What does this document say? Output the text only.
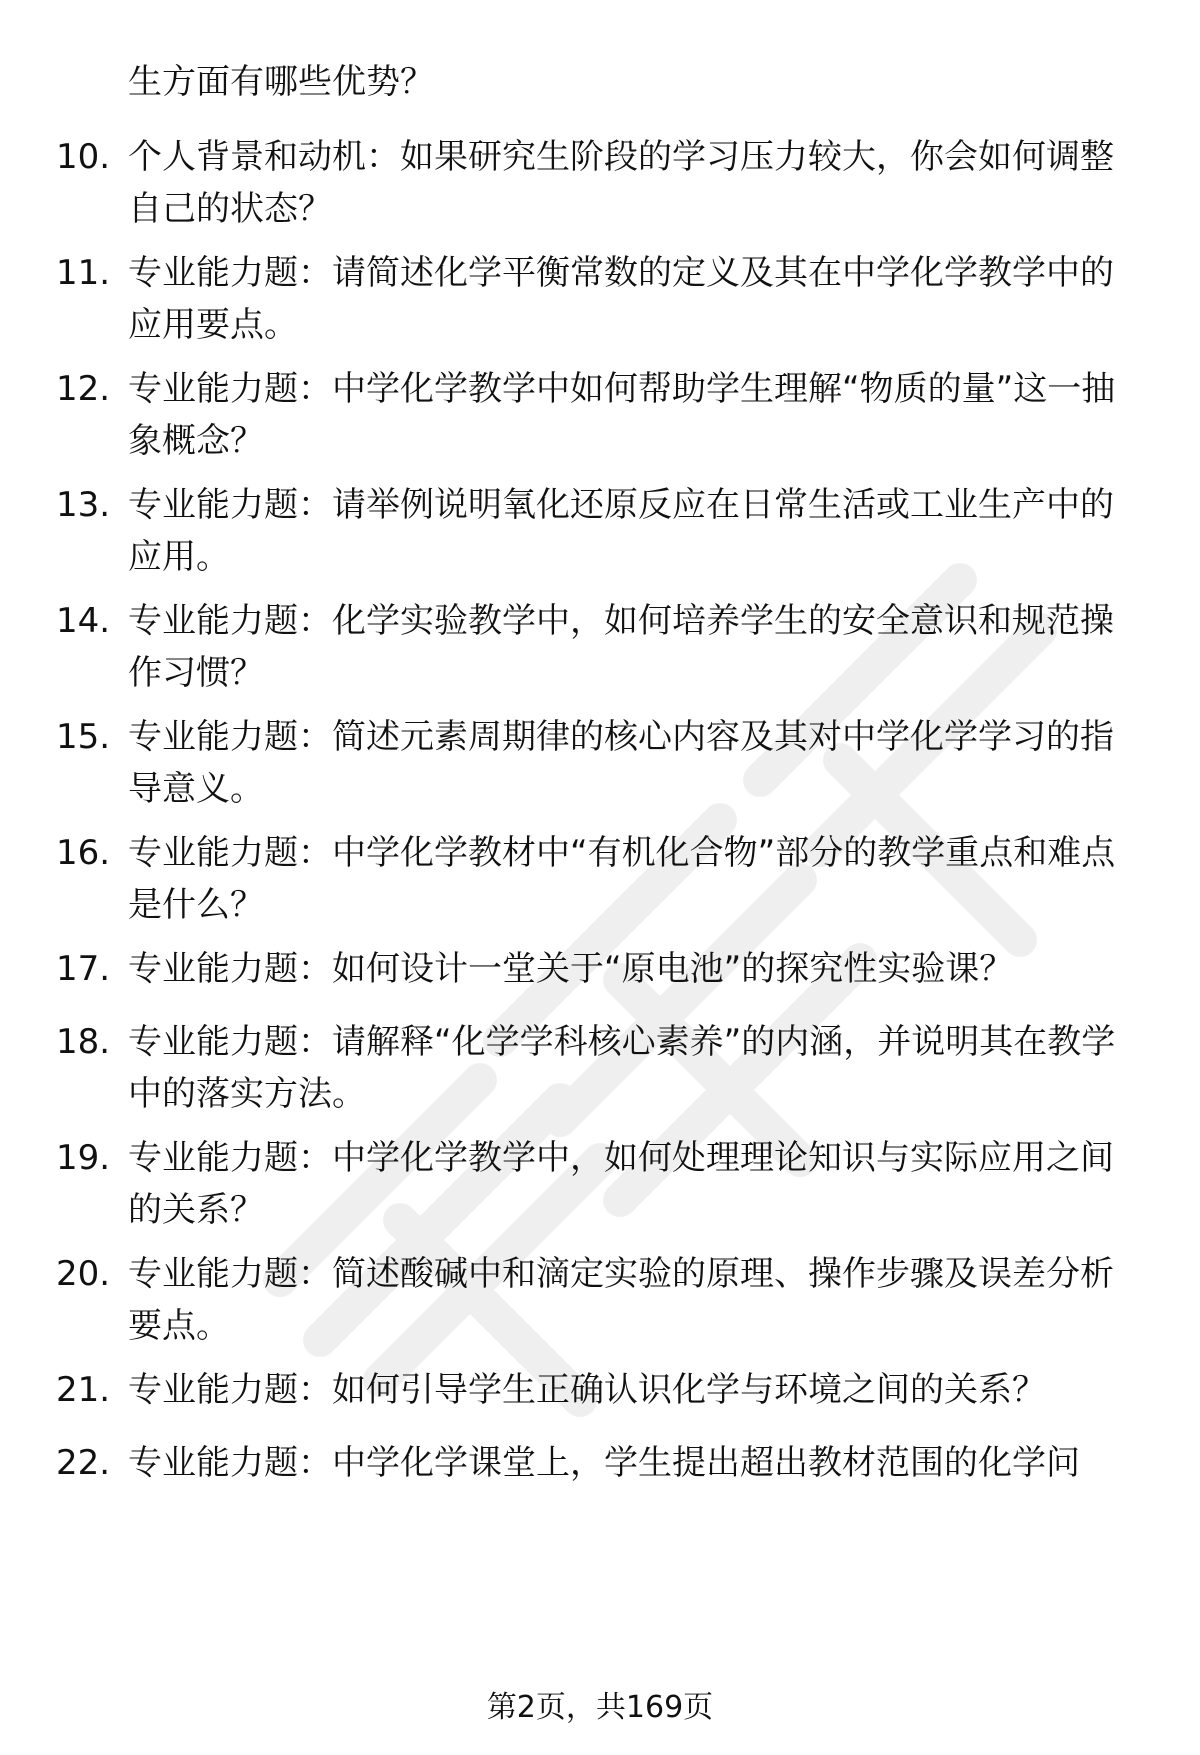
生方面有哪些优势？
10. 个人背景和动机：如果研究生阶段的学习压力较大，你会如何调整自己的状态？
11. 专业能力题：请简述化学平衡常数的定义及其在中学化学教学中的应用要点。
12. 专业能力题：中学化学教学中如何帮助学生理解“物质的量”这一抽象概念？
13. 专业能力题：请举例说明氧化还原反应在日常生活或工业生产中的应用。
14. 专业能力题：化学实验教学中，如何培养学生的安全意识和规范操作习惯？
15. 专业能力题：简述元素周期律的核心内容及其对中学化学学习的指导意义。
16. 专业能力题：中学化学教材中“有机化合物”部分的教学重点和难点是什么？
17. 专业能力题：如何设计一堂关于“原电池”的探究性实验课？
18. 专业能力题：请解释“化学学科核心素养”的内涵，并说明其在教学中的落实方法。
19. 专业能力题：中学化学教学中，如何处理理论知识与实际应用之间的关系？
20. 专业能力题：简述酸碱中和滴定实验的原理、操作步骤及误差分析要点。
21. 专业能力题：如何引导学生正确认识化学与环境之间的关系？
22. 专业能力题：中学化学课堂上，学生提出超出教材范围的化学问
第2页，共169页
